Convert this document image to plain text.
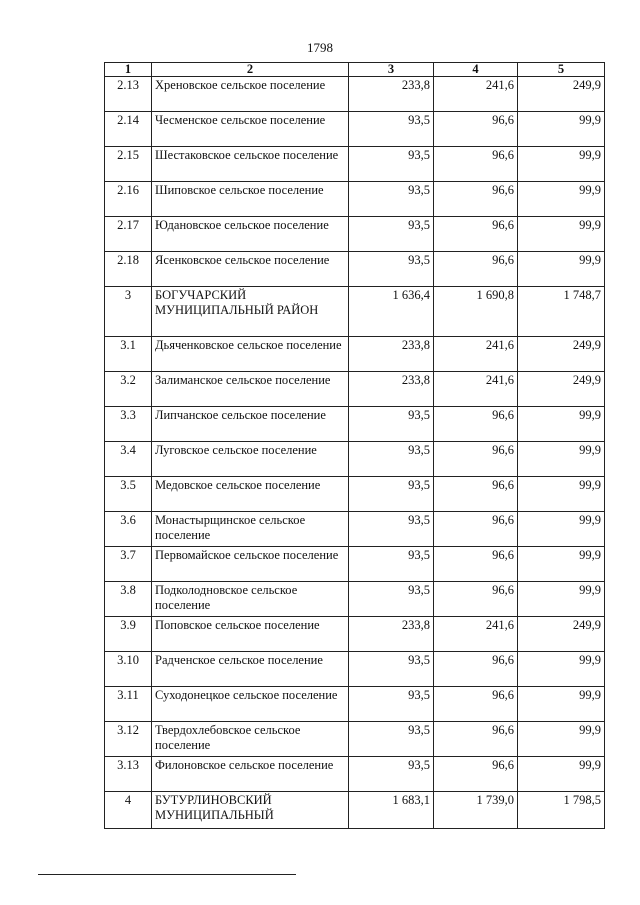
1798
1	2	3	4	5
2.13	Хреновское сельское поселение	233,8	241,6	249,9
2.14	Чесменское сельское поселение	93,5	96,6	99,9
2.15	Шестаковское сельское поселение	93,5	96,6	99,9
2.16	Шиповское сельское поселение	93,5	96,6	99,9
2.17	Юдановское сельское поселение	93,5	96,6	99,9
2.18	Ясенковское сельское поселение	93,5	96,6	99,9
3	БОГУЧАРСКИЙ МУНИЦИПАЛЬНЫЙ РАЙОН	1 636,4	1 690,8	1 748,7
3.1	Дьяченковское сельское поселение	233,8	241,6	249,9
3.2	Залиманское сельское поселение	233,8	241,6	249,9
3.3	Липчанское сельское поселение	93,5	96,6	99,9
3.4	Луговское сельское поселение	93,5	96,6	99,9
3.5	Медовское сельское поселение	93,5	96,6	99,9
3.6	Монастырщинское сельское поселение	93,5	96,6	99,9
3.7	Первомайское сельское поселение	93,5	96,6	99,9
3.8	Подколодновское сельское поселение	93,5	96,6	99,9
3.9	Поповское сельское поселение	233,8	241,6	249,9
3.10	Радченское сельское поселение	93,5	96,6	99,9
3.11	Суходонецкое сельское поселение	93,5	96,6	99,9
3.12	Твердохлебовское сельское поселение	93,5	96,6	99,9
3.13	Филоновское сельское поселение	93,5	96,6	99,9
4	БУТУРЛИНОВСКИЙ МУНИЦИПАЛЬНЫЙ	1 683,1	1 739,0	1 798,5
